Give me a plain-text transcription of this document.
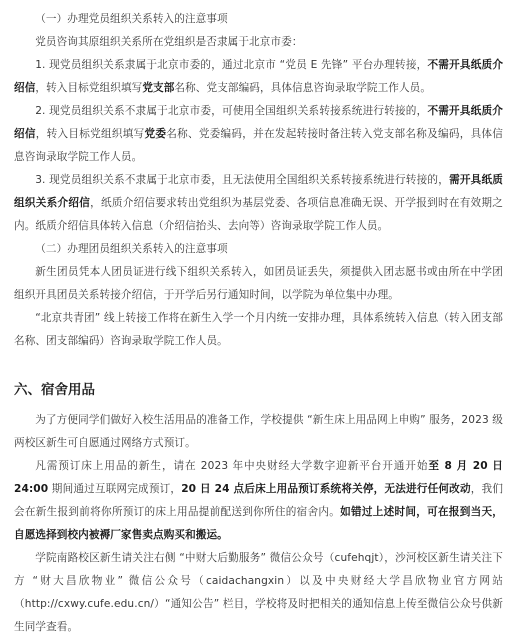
（一）办理党员组织关系转入的注意事项

党员咨询其原组织关系所在党组织是否隶属于北京市委：

1. 现党员组织关系隶属于北京市委的，通过北京市 “党员 E 先锋” 平台办理转接，不需开具纸质介绍信，转入目标党组织填写党支部名称、党支部编码，具体信息咨询录取学院工作人员。

2. 现党员组织关系不隶属于北京市委，可使用全国组织关系转接系统进行转接的，不需开具纸质介绍信，转入目标党组织填写党委名称、党委编码，并在发起转接时备注转入党支部名称及编码，具体信息咨询录取学院工作人员。

3. 现党员组织关系不隶属于北京市委，且无法使用全国组织关系转接系统进行转接的，需开具纸质组织关系介绍信，纸质介绍信要求转出党组织为基层党委、各项信息准确无误、开学报到时在有效期之内。纸质介绍信具体转入信息（介绍信抬头、去向等）咨询录取学院工作人员。

（二）办理团员组织关系转入的注意事项

新生团员凭本人团员证进行线下组织关系转入，如团员证丢失，须提供入团志愿书或由所在中学团组织开具团员关系转接介绍信，于开学后另行通知时间，以学院为单位集中办理。

“北京共青团” 线上转接工作将在新生入学一个月内统一安排办理，具体系统转入信息（转入团支部名称、团支部编码）咨询录取学院工作人员。

六、宿舍用品

为了方便同学们做好入校生活用品的准备工作，学校提供 “新生床上用品网上申购” 服务，2023 级两校区新生可自愿通过网络方式预订。

凡需预订床上用品的新生，请在 2023 年中央财经大学数字迎新平台开通开始至 8 月 20 日 24:00 期间通过互联网完成预订，20 日 24 点后床上用品预订系统将关停，无法进行任何改动，我们会在新生报到前将你所预订的床上用品提前配送到你所住的宿舍内。如错过上述时间，可在报到当天，自愿选择到校内被褥厂家售卖点购买和搬运。

学院南路校区新生请关注右侧 “中财大后勤服务” 微信公众号（cufehqjt），沙河校区新生请关注下方 “财大昌欣物业” 微信公众号（caidachangxin）以及中央财经大学昌欣物业官方网站（http://cxwy.cufe.edu.cn/）“通知公告” 栏目，学校将及时把相关的通知信息上传至微信公众号供新生同学查看。
